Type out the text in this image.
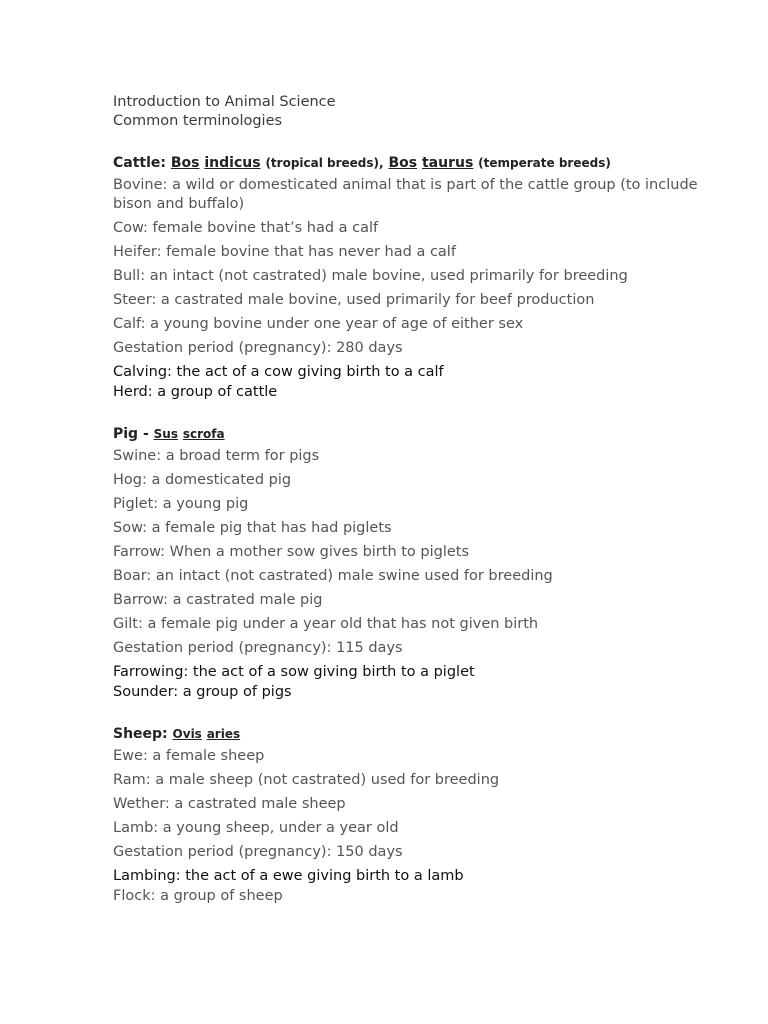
Introduction to Animal Science
Common terminologies
Cattle: Bos indicus (tropical breeds), Bos taurus (temperate breeds)
Bovine: a wild or domesticated animal that is part of the cattle group (to include bison and buffalo)
Cow: female bovine that’s had a calf
Heifer: female bovine that has never had a calf
Bull: an intact (not castrated) male bovine, used primarily for breeding
Steer: a castrated male bovine, used primarily for beef production
Calf: a young bovine under one year of age of either sex
Gestation period (pregnancy): 280 days
Calving: the act of a cow giving birth to a calf
Herd: a group of cattle
Pig - Sus scrofa
Swine: a broad term for pigs
Hog: a domesticated pig
Piglet: a young pig
Sow: a female pig that has had piglets
Farrow: When a mother sow gives birth to piglets
Boar: an intact (not castrated) male swine used for breeding
Barrow: a castrated male pig
Gilt: a female pig under a year old that has not given birth
Gestation period (pregnancy): 115 days
Farrowing: the act of a sow giving birth to a piglet
Sounder: a group of pigs
Sheep: Ovis aries
Ewe: a female sheep
Ram: a male sheep (not castrated) used for breeding
Wether: a castrated male sheep
Lamb: a young sheep, under a year old
Gestation period (pregnancy): 150 days
Lambing: the act of a ewe giving birth to a lamb
Flock: a group of sheep
